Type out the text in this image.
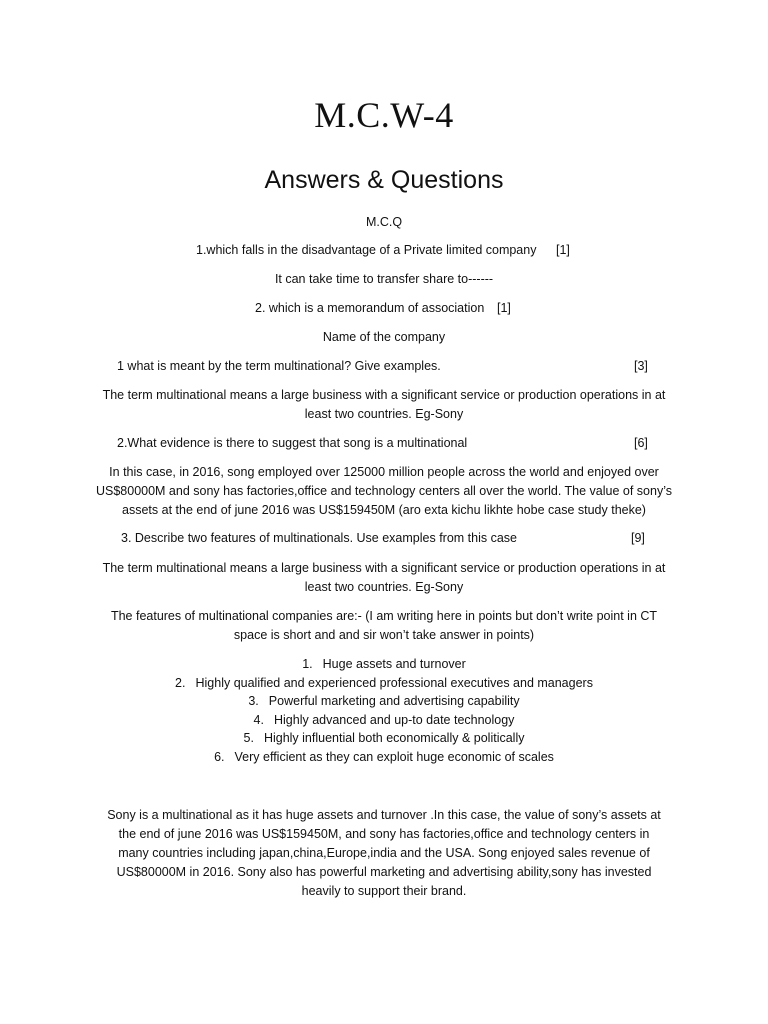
M.C.W-4
Answers & Questions
M.C.Q
1.which falls in the disadvantage of a Private limited company [1]
It can take time to transfer share to------
2. which is a memorandum of association [1]
Name of the company
1 what is meant by the term multinational? Give examples.	[3]
The term multinational means a large business with a significant service or production operations in at
least two countries. Eg-Sony
2.What evidence is there to suggest that song is a multinational	[6]
In this case, in 2016, song employed over 125000 million people across the world and enjoyed over
US$80000M and sony has factories,office and technology centers all over the world. The value of sony’s
assets at the end of june 2016 was US$159450M (aro exta kichu likhte hobe case study theke)
3. Describe two features of multinationals. Use examples from this case	[9]
The term multinational means a large business with a significant service or production operations in at
least two countries. Eg-Sony
The features of multinational companies are:- (I am writing here in points but don’t write point in CT
space is short and and sir won’t take answer in points)
1. Huge assets and turnover
2. Highly qualified and experienced professional executives and managers
3. Powerful marketing and advertising capability
4. Highly advanced and up-to date technology
5. Highly influential both economically & politically
6. Very efficient as they can exploit huge economic of scales
Sony is a multinational as it has huge assets and turnover .In this case, the value of sony’s assets at
the end of june 2016 was US$159450M, and sony has factories,office and technology centers in
many countries including japan,china,Europe,india and the USA. Song enjoyed sales revenue of
US$80000M in 2016. Sony also has powerful marketing and advertising ability,sony has invested
heavily to support their brand.
